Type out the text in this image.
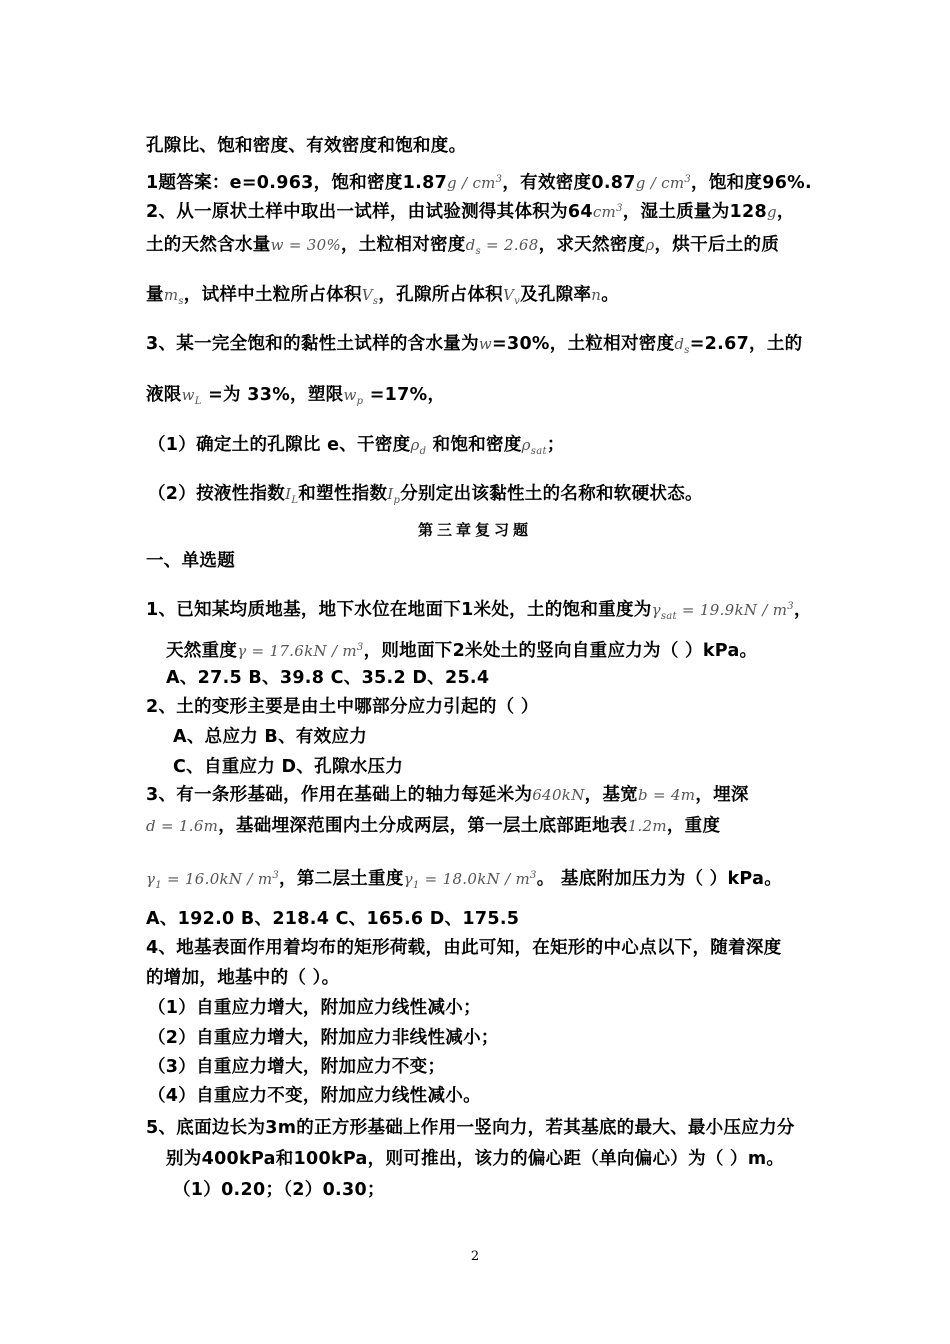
孔隙比、饱和密度、有效密度和饱和度。
1题答案：e=0.963，饱和密度$1.87g / cm^3$，有效密度$0.87g / cm^3$，饱和度96%.
2、从一原状土样中取出一试样，由试验测得其体积为$64cm^3$，湿土质量为128g，
土的天然含水量w = 30%，土粒相对密度$d_s = 2.68$，求天然密度ρ，烘干后土的质
量$m_s$，试样中土粒所占体积$V_s$，孔隙所占体积$V_v$及孔隙率n。
3、某一完全饱和的黏性土试样的含水量为w=30%，土粒相对密度$d_s=2.67$，土的
液限$w_L$ =为 33%，塑限$w_p =17\%$，
（1）确定土的孔隙比 e、干密度$\rho_d$ 和饱和密度$\rho_{sat}$；
（2）按液性指数$I_L$和塑性指数$I_p$分别定出该黏性土的名称和软硬状态。
第三章复习题
一、单选题
1、已知某均质地基，地下水位在地面下1米处，土的饱和重度为$\gamma_{sat} = 19.9kN / m^3$，
天然重度$\gamma = 17.6kN / m^3$，则地面下2米处土的竖向自重应力为（ ）kPa。
A、27.5 B、39.8 C、35.2 D、25.4
2、土的变形主要是由土中哪部分应力引起的（ ）
A、总应力 B、有效应力
C、自重应力 D、孔隙水压力
3、有一条形基础，作用在基础上的轴力每延米为640kN，基宽b = 4m，埋深
d = 1.6m，基础埋深范围内土分成两层，第一层土底部距地表1.2m，重度
$\gamma_1 = 16.0kN / m^3$，第二层土重度$\gamma_1 = 18.0kN / m^3$。 基底附加压力为（ ）kPa。
A、192.0 B、218.4 C、165.6 D、175.5
4、地基表面作用着均布的矩形荷载，由此可知，在矩形的中心点以下，随着深度
的增加，地基中的（ ）。
（1）自重应力增大，附加应力线性减小；
（2）自重应力增大，附加应力非线性减小；
（3）自重应力增大，附加应力不变；
（4）自重应力不变，附加应力线性减小。
5、底面边长为3m的正方形基础上作用一竖向力，若其基底的最大、最小压应力分
别为400kPa和100kPa，则可推出，该力的偏心距（单向偏心）为（ ）m。
（1）0.20；（2）0.30；
2
